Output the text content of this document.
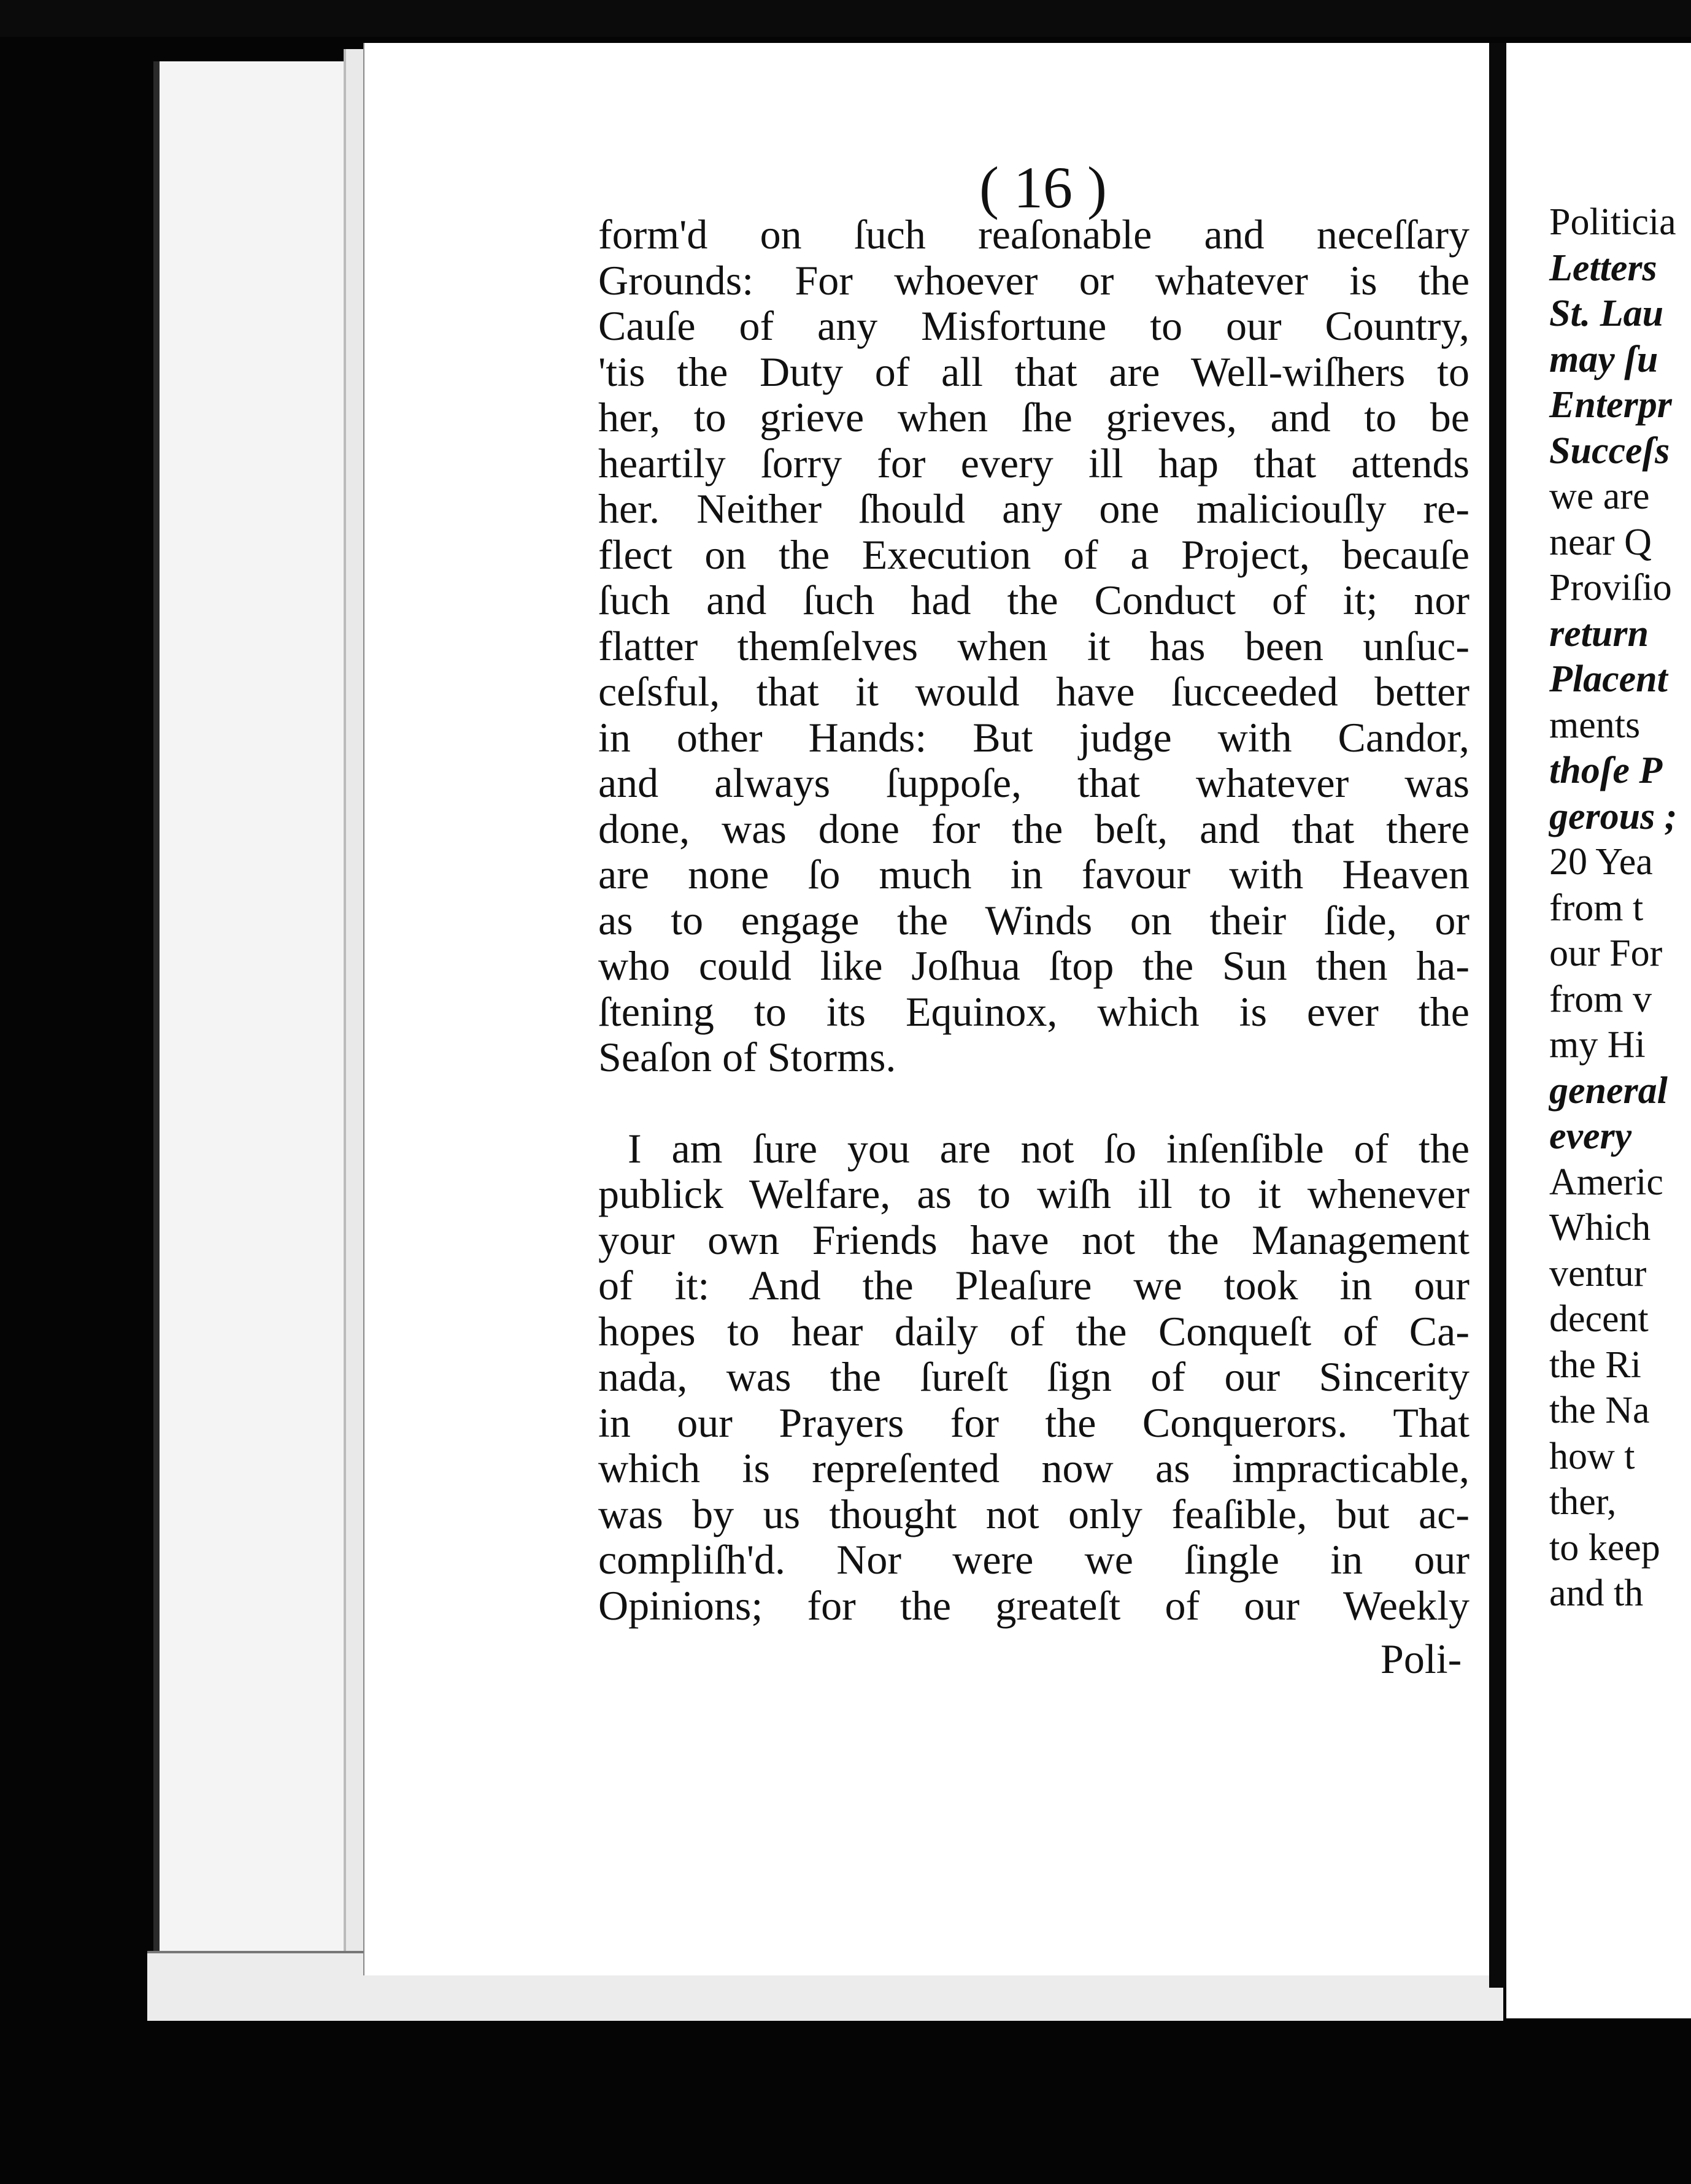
( 16 )
form'd on ſuch reaſonable and neceſſary
Grounds: For whoever or whatever is the
Cauſe of any Misfortune to our Country,
'tis the Duty of all that are Well-wiſhers to
her, to grieve when ſhe grieves, and to be
heartily ſorry for every ill hap that attends
her. Neither ſhould any one maliciouſly re-
flect on the Execution of a Project, becauſe
ſuch and ſuch had the Conduct of it; nor
flatter themſelves when it has been unſuc-
ceſsful, that it would have ſucceeded better
in other Hands: But judge with Candor,
and always ſuppoſe, that whatever was
done, was done for the beſt, and that there
are none ſo much in favour with Heaven
as to engage the Winds on their ſide, or
who could like Joſhua ſtop the Sun then ha-
ſtening to its Equinox, which is ever the
Seaſon of Storms.
I am ſure you are not ſo inſenſible of the
publick Welfare, as to wiſh ill to it whenever
your own Friends have not the Management
of it: And the Pleaſure we took in our
hopes to hear daily of the Conqueſt of Ca-
nada, was the ſureſt ſign of our Sincerity
in our Prayers for the Conquerors. That
which is repreſented now as impracticable,
was by us thought not only feaſible, but ac-
compliſh'd. Nor were we ſingle in our
Opinions; for the greateſt of our Weekly
Poli-
Politicia
Letters
St. Lau
may ſu
Enterpr
Succeſs
we are
near Q
Proviſio
return
Placent
ments
thoſe P
gerous ;
20 Yea
from t
our For
from v
my Hi
general
every
Americ
Which
ventur
decent
the Ri
the Na
how t
ther,
to keep
and th
